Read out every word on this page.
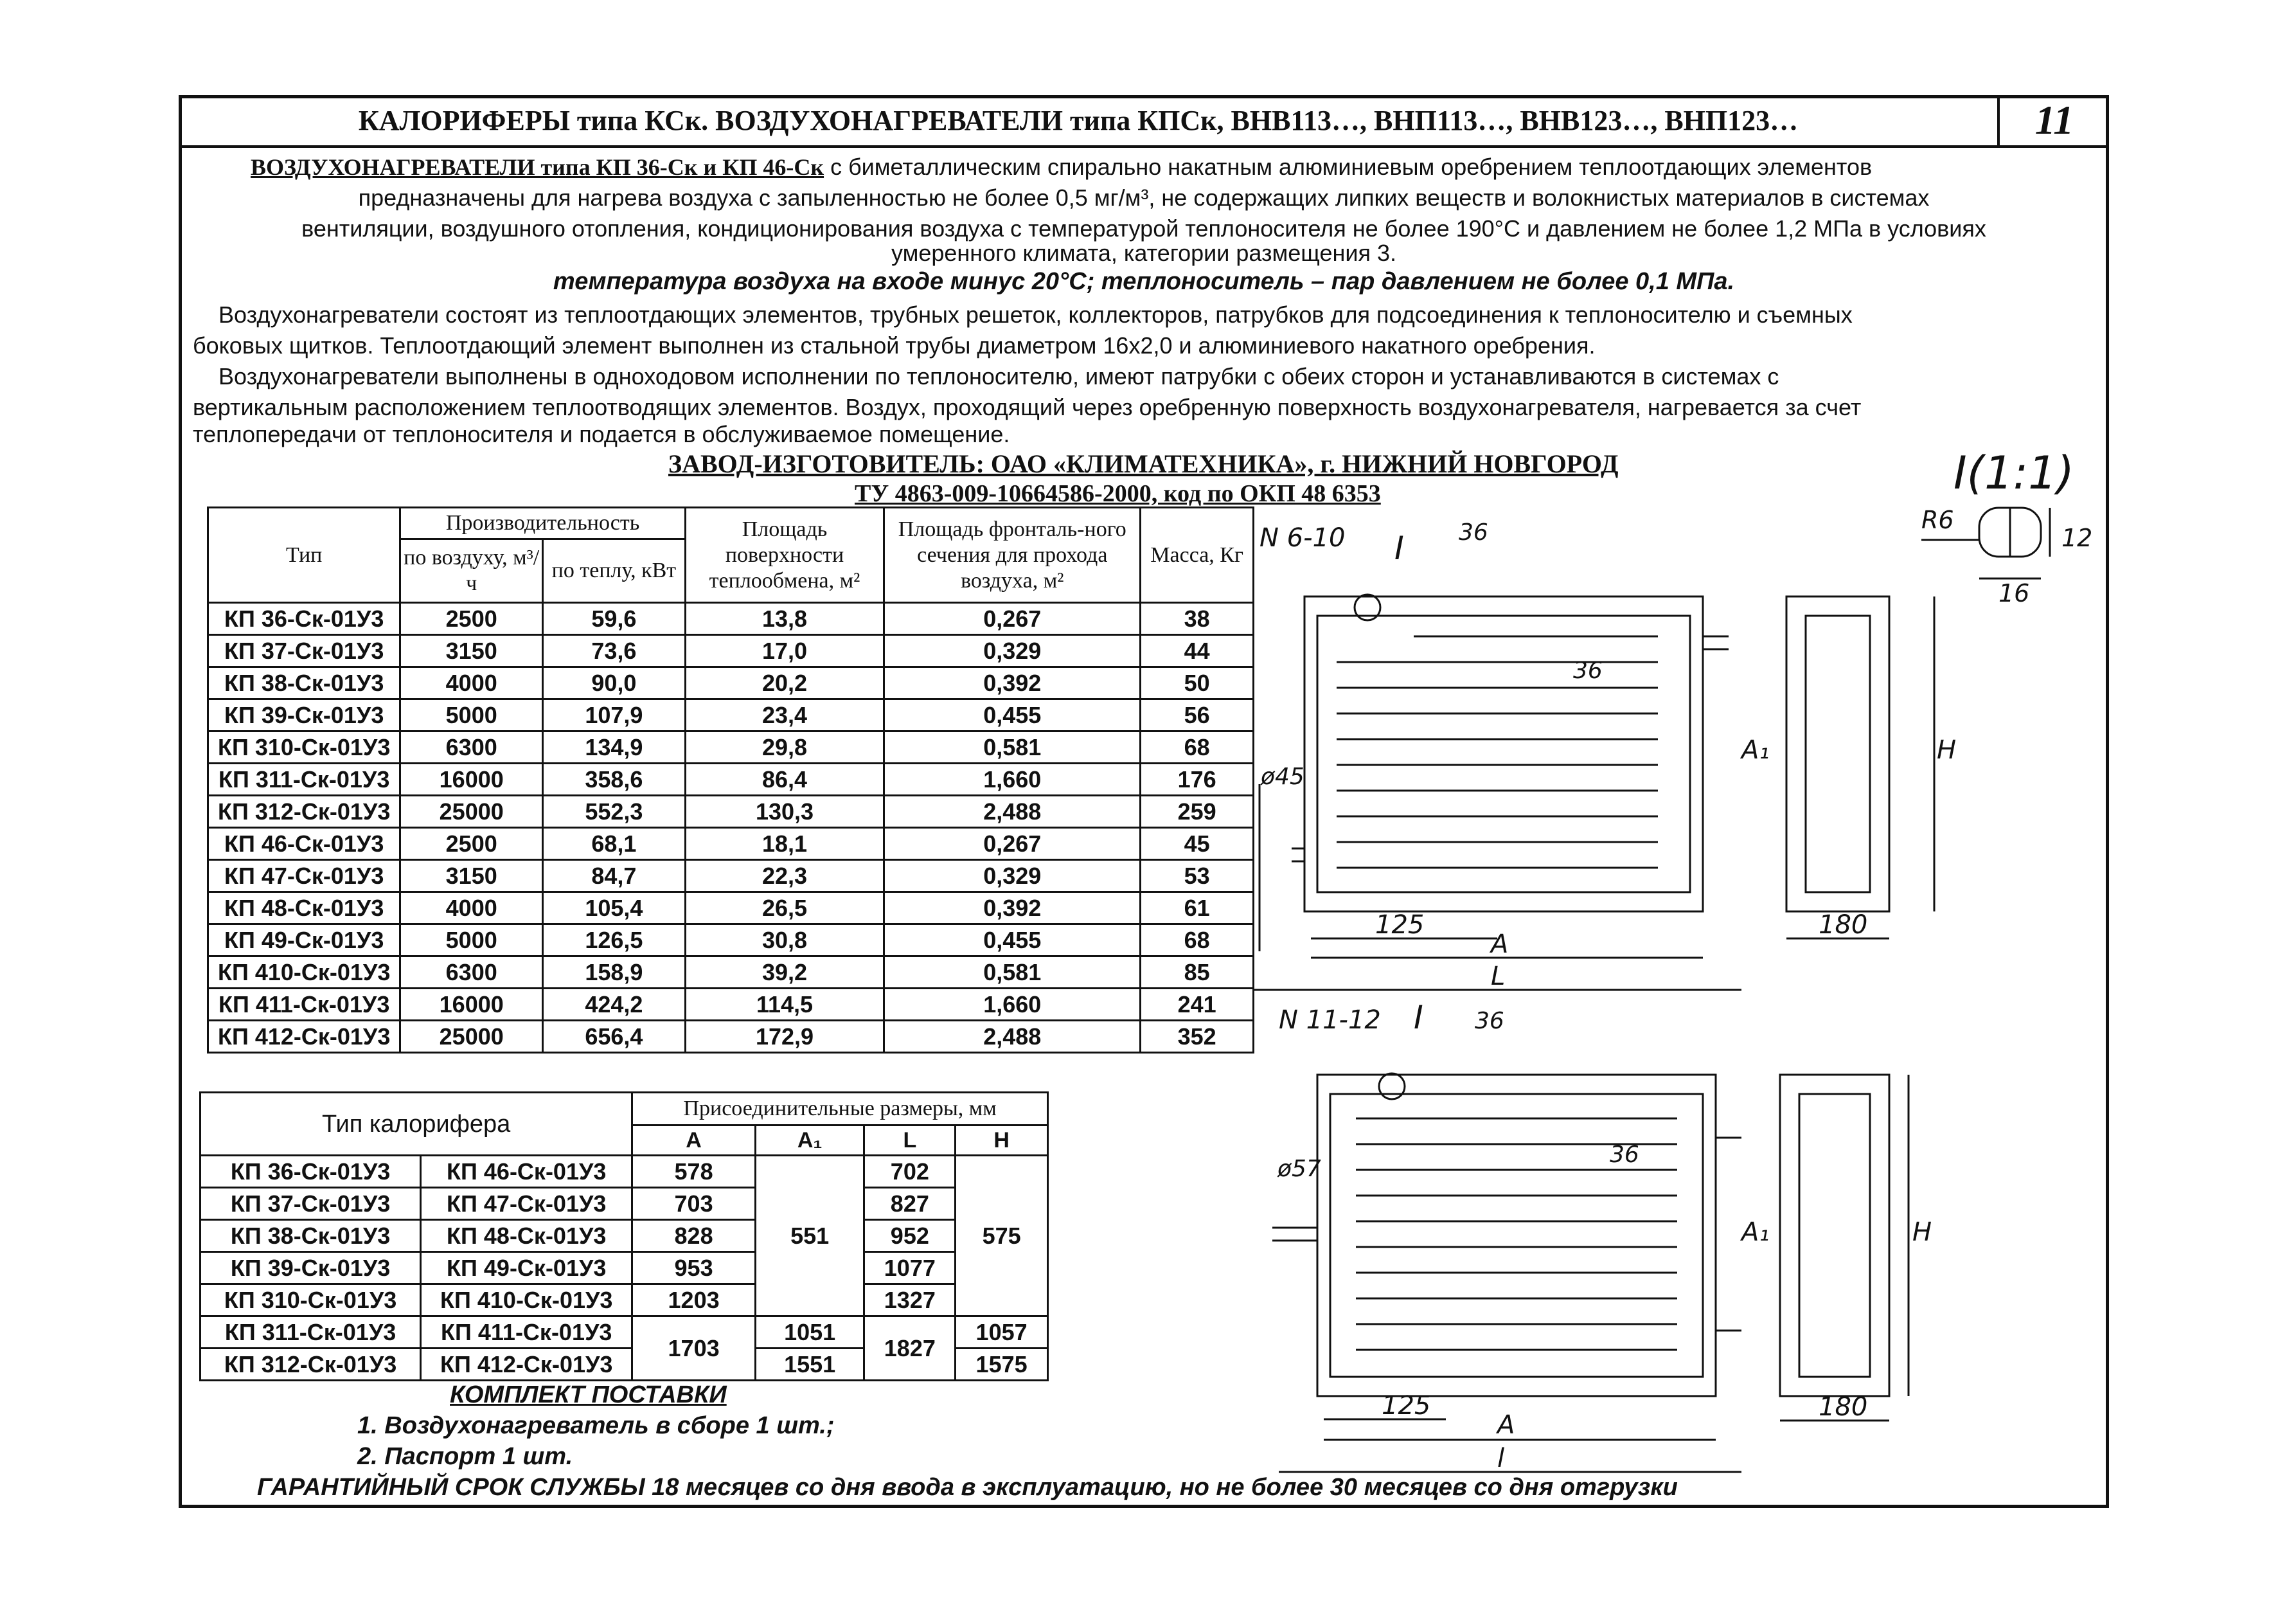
КАЛОРИФЕРЫ типа КСк. ВОЗДУХОНАГРЕВАТЕЛИ типа КПСк, ВНВ113…, ВНП113…, ВНВ123…, ВНП123…	11
ВОЗДУХОНАГРЕВАТЕЛИ типа КП 36-Ск и КП 46-Ск с биметаллическим спирально накатным алюминиевым оребрением теплоотдающих элементов
предназначены для нагрева воздуха с запыленностью не более 0,5 мг/м³, не содержащих липких веществ и волокнистых материалов в системах
вентиляции, воздушного отопления, кондиционирования воздуха с температурой теплоносителя не более 190°С и давлением не более 1,2 МПа в условиях
умеренного климата, категории размещения 3.
температура воздуха на входе минус 20°С; теплоноситель – пар давлением не более 0,1 МПа.
Воздухонагреватели состоят из теплоотдающих элементов, трубных решеток, коллекторов, патрубков для подсоединения к теплоносителю и съемных
боковых щитков. Теплоотдающий элемент выполнен из стальной трубы диаметром 16х2,0 и алюминиевого накатного оребрения.
Воздухонагреватели выполнены в одноходовом исполнении по теплоносителю, имеют патрубки с обеих сторон и устанавливаются в системах с
вертикальным расположением теплоотводящих элементов. Воздух, проходящий через оребренную поверхность воздухонагревателя, нагревается за счет
теплопередачи от теплоносителя и подается в обслуживаемое помещение.
ЗАВОД-ИЗГОТОВИТЕЛЬ: ОАО «КЛИМАТЕХНИКА», г. НИЖНИЙ НОВГОРОД
ТУ 4863-009-10664586-2000, код по ОКП 48 6353
Тип	Производительность		Площадь поверхности теплообмена, м²	Площадь фронталь-ного сечения для прохода воздуха, м²	Масса, Кг
	по воздуху, м³/ч	по теплу, кВт			
КП 36-Ск-01У3	2500	59,6	13,8	0,267	38
КП 37-Ск-01У3	3150	73,6	17,0	0,329	44
КП 38-Ск-01У3	4000	90,0	20,2	0,392	50
КП 39-Ск-01У3	5000	107,9	23,4	0,455	56
КП 310-Ск-01У3	6300	134,9	29,8	0,581	68
КП 311-Ск-01У3	16000	358,6	86,4	1,660	176
КП 312-Ск-01У3	25000	552,3	130,3	2,488	259
КП 46-Ск-01У3	2500	68,1	18,1	0,267	45
КП 47-Ск-01У3	3150	84,7	22,3	0,329	53
КП 48-Ск-01У3	4000	105,4	26,5	0,392	61
КП 49-Ск-01У3	5000	126,5	30,8	0,455	68
КП 410-Ск-01У3	6300	158,9	39,2	0,581	85
КП 411-Ск-01У3	16000	424,2	114,5	1,660	241
КП 412-Ск-01У3	25000	656,4	172,9	2,488	352
Тип калорифера		Присоединительные размеры, мм			
		А	А₁	L	Н
КП 36-Ск-01У3	КП 46-Ск-01У3	578	551	702	575
КП 37-Ск-01У3	КП 47-Ск-01У3	703		827	
КП 38-Ск-01У3	КП 48-Ск-01У3	828		952	
КП 39-Ск-01У3	КП 49-Ск-01У3	953		1077	
КП 310-Ск-01У3	КП 410-Ск-01У3	1203		1327	
КП 311-Ск-01У3	КП 411-Ск-01У3	1703	1051	1827	1057
КП 312-Ск-01У3	КП 412-Ск-01У3		1551		1575
КОМПЛЕКТ ПОСТАВКИ
1. Воздухонагреватель в сборе 1 шт.;
2. Паспорт 1 шт.
ГАРАНТИЙНЫЙ СРОК СЛУЖБЫ 18 месяцев со дня ввода в эксплуатацию, но не более 30 месяцев со дня отгрузки
I(1:1)
R6
12
16
N 6-10 I 36
ø45
36
125
A
L
A₁	H
180
N 11-12 I 36
ø57
36
125
A
l
A₁	H
180
